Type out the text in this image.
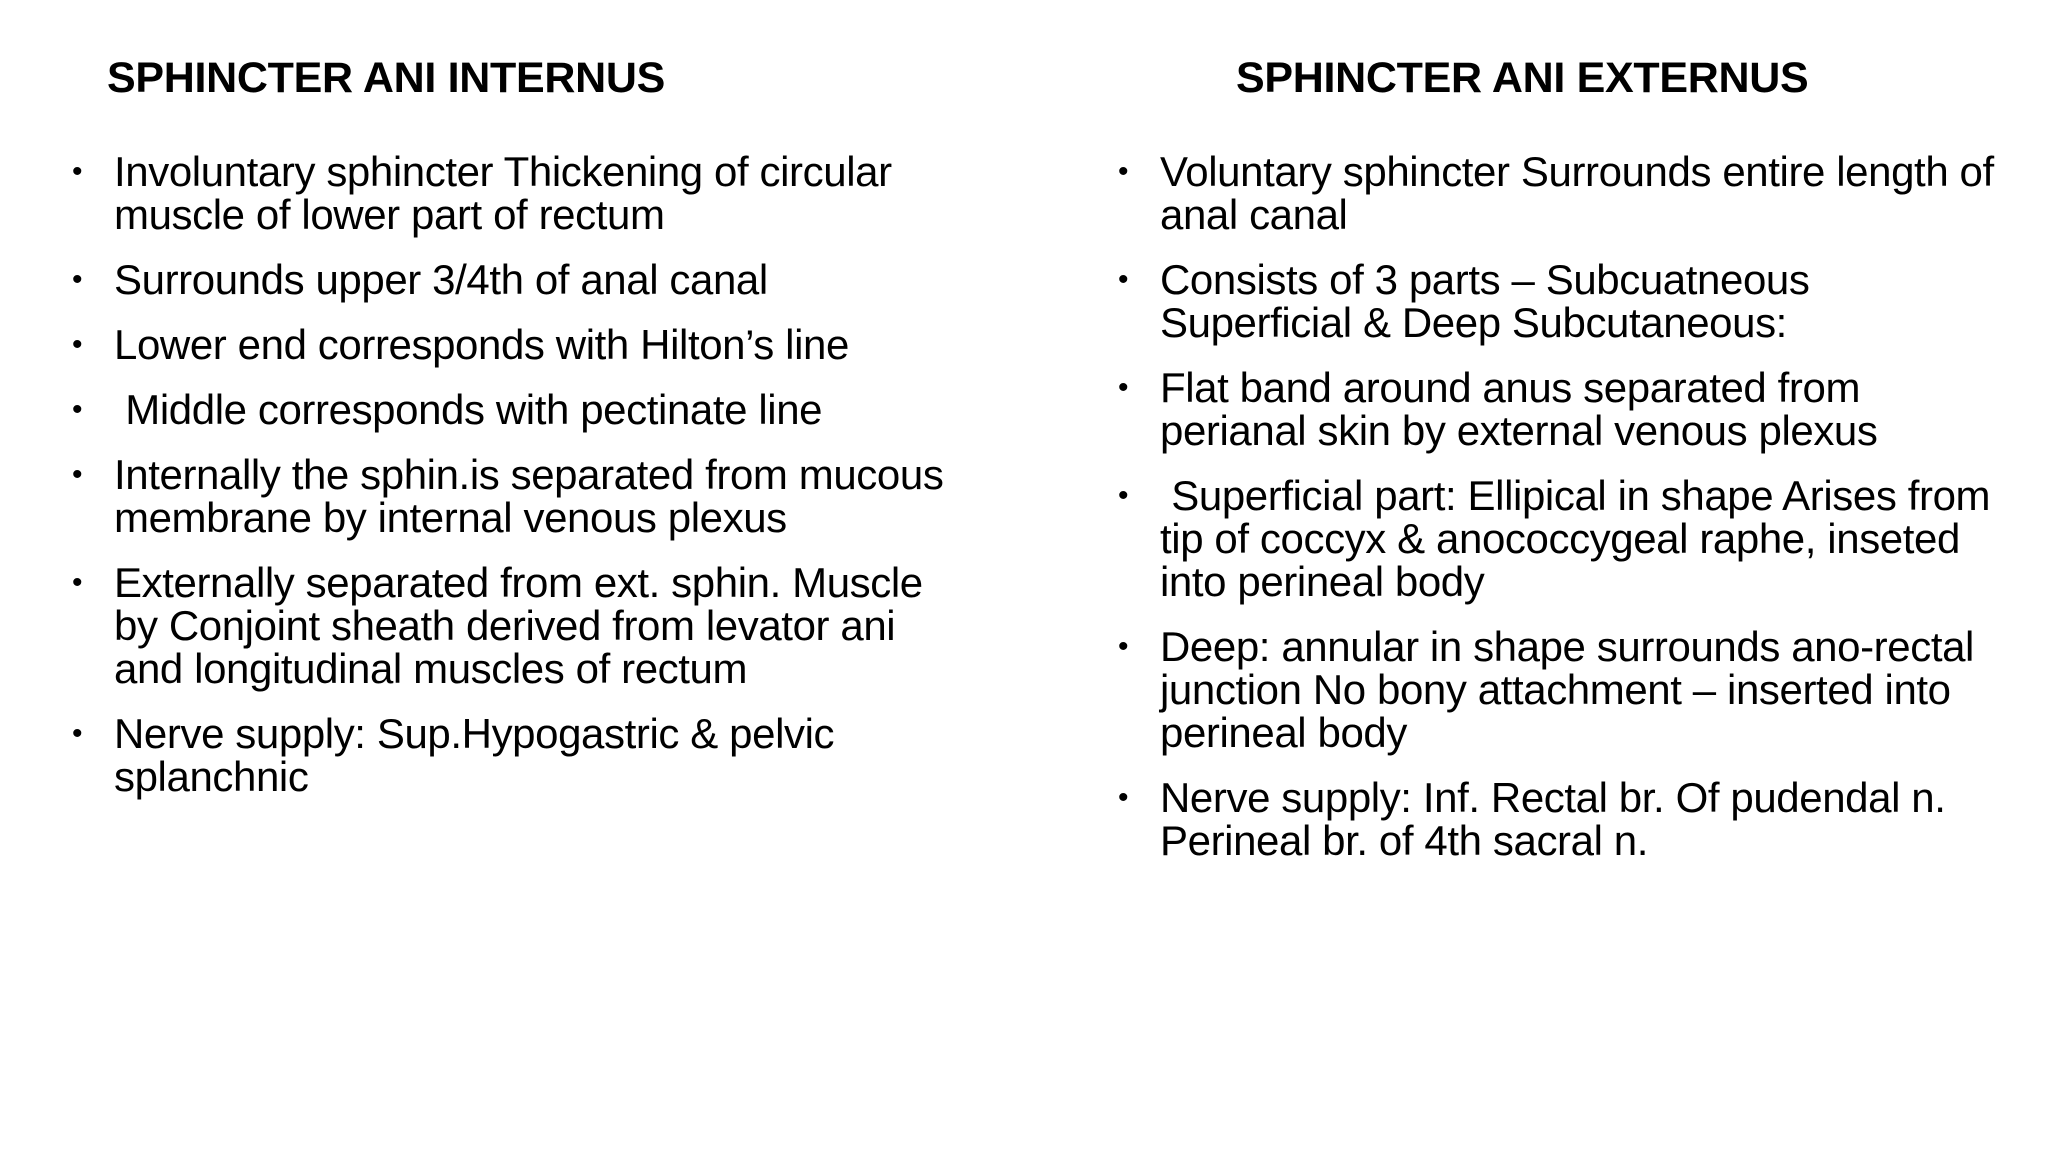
SPHINCTER ANI INTERNUS	SPHINCTER ANI EXTERNUS
• Involuntary sphincter Thickening of circular muscle of lower part of rectum
• Surrounds upper 3/4th of anal canal
• Lower end corresponds with Hilton’s line
• Middle corresponds with pectinate line
• Internally the sphin.is separated from mucous membrane by internal venous plexus
• Externally separated from ext. sphin. Muscle by Conjoint sheath derived from levator ani and longitudinal muscles of rectum
• Nerve supply: Sup.Hypogastric & pelvic splanchnic
• Voluntary sphincter Surrounds entire length of anal canal
• Consists of 3 parts – Subcuatneous Superficial & Deep Subcutaneous:
• Flat band around anus separated from perianal skin by external venous plexus
• Superficial part: Ellipical in shape Arises from tip of coccyx & anococcygeal raphe, inseted into perineal body
• Deep: annular in shape surrounds ano-rectal junction No bony attachment – inserted into perineal body
• Nerve supply: Inf. Rectal br. Of pudendal n. Perineal br. of 4th sacral n.
